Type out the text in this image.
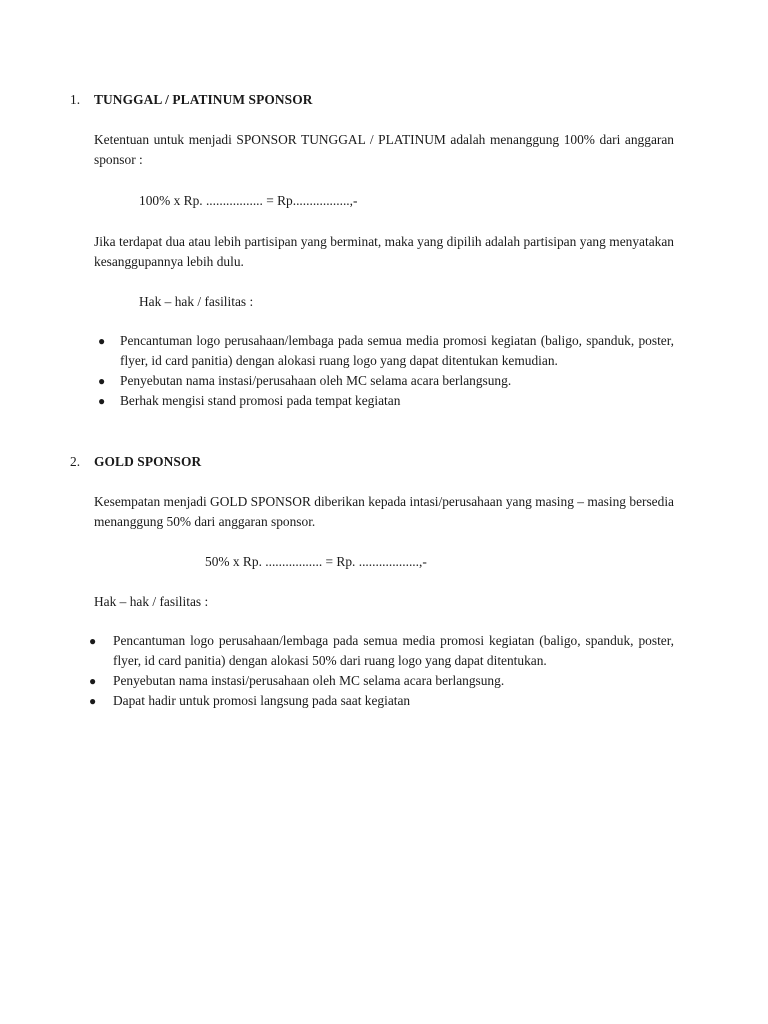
1. TUNGGAL / PLATINUM SPONSOR

Ketentuan untuk menjadi SPONSOR TUNGGAL / PLATINUM adalah menanggung 100% dari anggaran sponsor :

100% x Rp. ................. = Rp.................,-

Jika terdapat dua atau lebih partisipan yang berminat, maka yang dipilih adalah partisipan yang menyatakan kesanggupannya lebih dulu.

Hak – hak / fasilitas :
● Pencantuman logo perusahaan/lembaga pada semua media promosi kegiatan (baligo, spanduk, poster, flyer, id card panitia) dengan alokasi ruang logo yang dapat ditentukan kemudian.
● Penyebutan nama instasi/perusahaan oleh MC selama acara berlangsung.
● Berhak mengisi stand promosi pada tempat kegiatan
2. GOLD SPONSOR

Kesempatan menjadi GOLD SPONSOR diberikan kepada intasi/perusahaan yang masing – masing bersedia menanggung 50% dari anggaran sponsor.

50% x Rp. ................. = Rp. ..................,-
Hak – hak / fasilitas :
● Pencantuman logo perusahaan/lembaga pada semua media promosi kegiatan (baligo, spanduk, poster, flyer, id card panitia) dengan alokasi 50% dari ruang logo yang dapat ditentukan.
● Penyebutan nama instasi/perusahaan oleh MC selama acara berlangsung.
● Dapat hadir untuk promosi langsung pada saat kegiatan
